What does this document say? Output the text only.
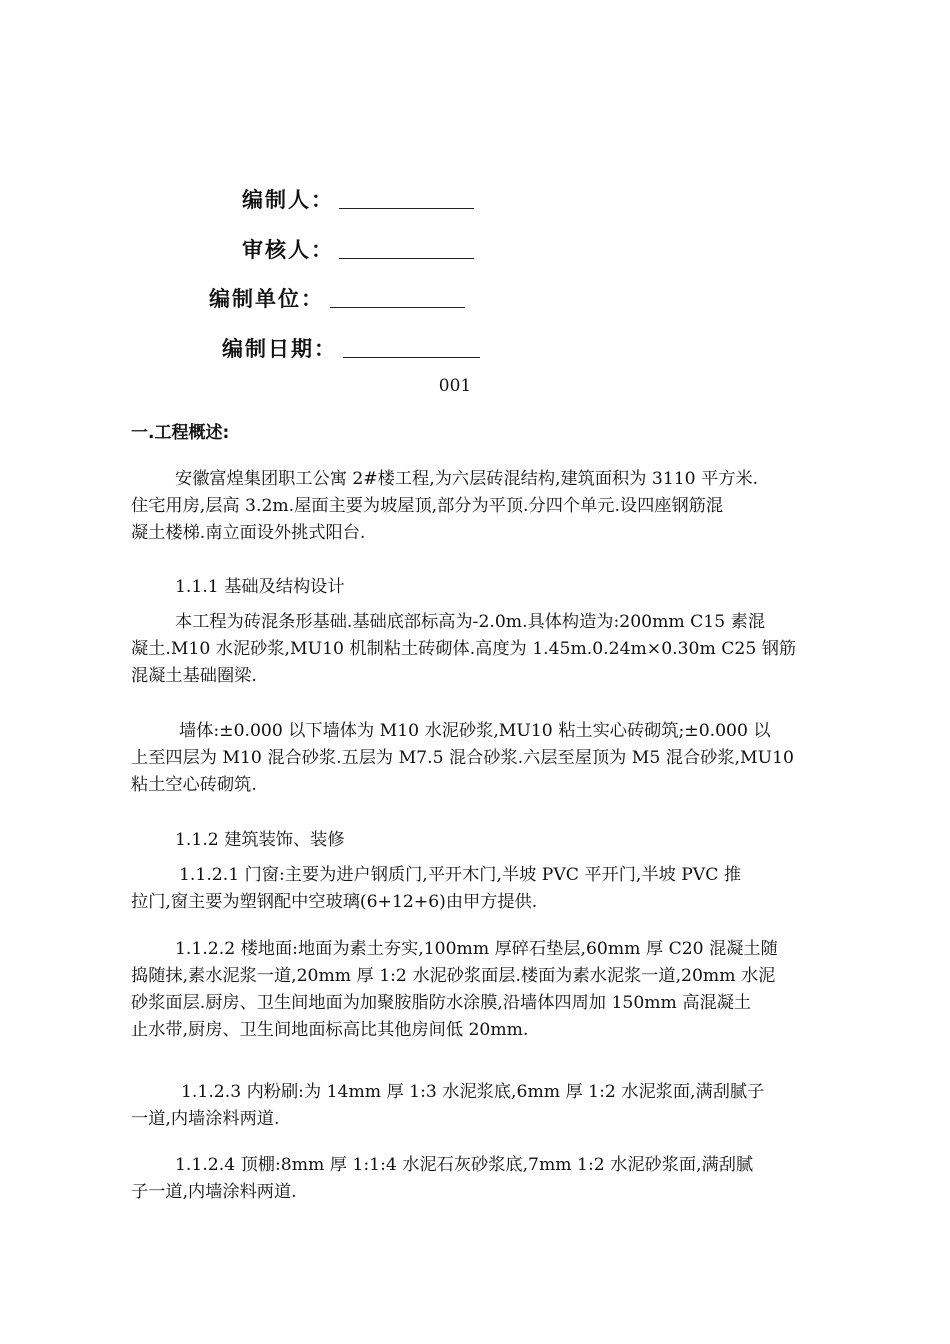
编制人：
审核人：
编制单位：
编制日期：
001
一.工程概述:
安徽富煌集团职工公寓 2#楼工程,为六层砖混结构,建筑面积为 3110 平方米.
住宅用房,层高 3.2m.屋面主要为坡屋顶,部分为平顶.分四个单元.设四座钢筋混
凝土楼梯.南立面设外挑式阳台.
1.1.1 基础及结构设计
本工程为砖混条形基础.基础底部标高为-2.0m.具体构造为:200mm C15 素混
凝土.M10 水泥砂浆,MU10 机制粘土砖砌体.高度为 1.45m.0.24m×0.30m C25 钢筋
混凝土基础圈梁.
墙体:±0.000 以下墙体为 M10 水泥砂浆,MU10 粘土实心砖砌筑;±0.000 以
上至四层为 M10 混合砂浆.五层为 M7.5 混合砂浆.六层至屋顶为 M5 混合砂浆,MU10
粘土空心砖砌筑.
1.1.2 建筑装饰、装修
1.1.2.1 门窗:主要为进户钢质门,平开木门,半坡 PVC 平开门,半坡 PVC 推
拉门,窗主要为塑钢配中空玻璃(6+12+6)由甲方提供.
1.1.2.2 楼地面:地面为素土夯实,100mm 厚碎石垫层,60mm 厚 C20 混凝土随
捣随抹,素水泥浆一道,20mm 厚 1:2 水泥砂浆面层.楼面为素水泥浆一道,20mm 水泥
砂浆面层.厨房、卫生间地面为加聚胺脂防水涂膜,沿墙体四周加 150mm 高混凝土
止水带,厨房、卫生间地面标高比其他房间低 20mm.
1.1.2.3 内粉刷:为 14mm 厚 1:3 水泥浆底,6mm 厚 1:2 水泥浆面,满刮腻子
一道,内墙涂料两道.
1.1.2.4 顶棚:8mm 厚 1:1:4 水泥石灰砂浆底,7mm 1:2 水泥砂浆面,满刮腻
子一道,内墙涂料两道.
